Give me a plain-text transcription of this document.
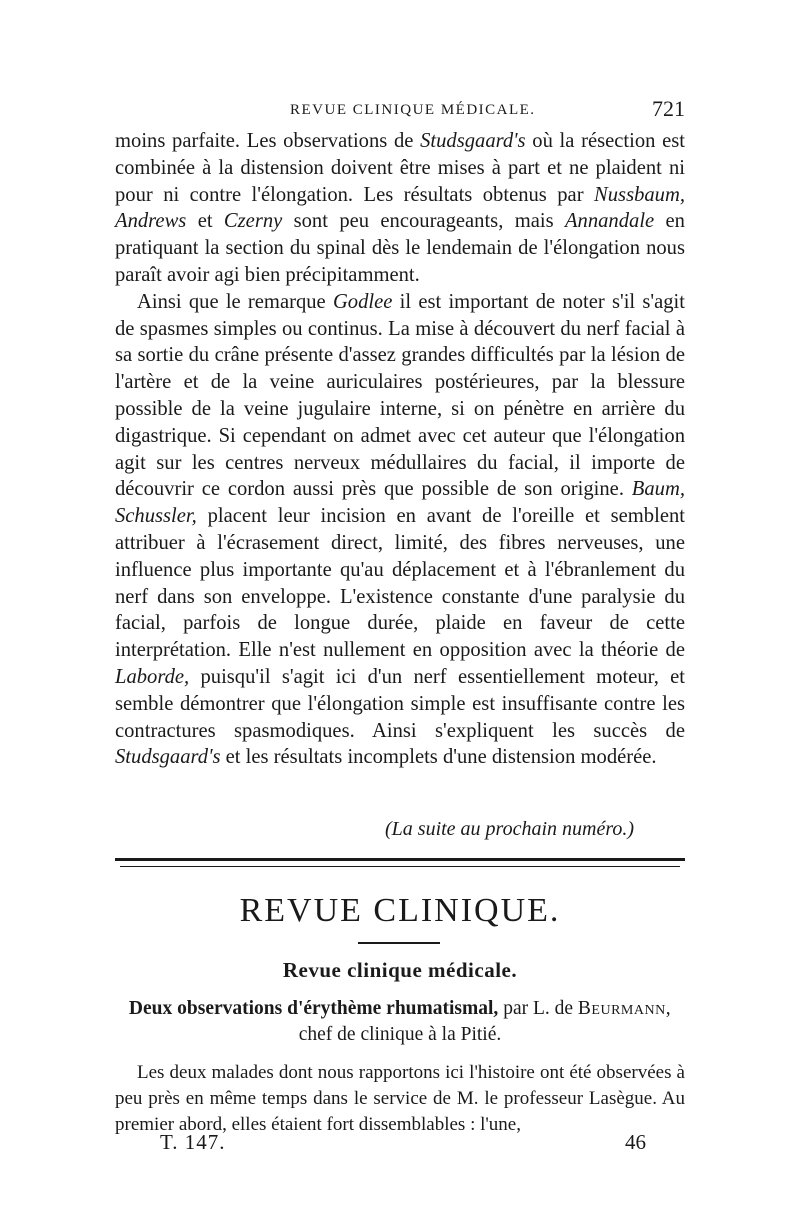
REVUE CLINIQUE MÉDICALE.	721

moins parfaite. Les observations de Studsgaard's où la résection est combinée à la distension doivent être mises à part et ne plaident ni pour ni contre l'élongation. Les résultats obtenus par Nussbaum, Andrews et Czerny sont peu encourageants, mais Annandale en pratiquant la section du spinal dès le lendemain de l'élongation nous paraît avoir agi bien précipitamment.

Ainsi que le remarque Godlee il est important de noter s'il s'agit de spasmes simples ou continus. La mise à découvert du nerf facial à sa sortie du crâne présente d'assez grandes difficultés par la lésion de l'artère et de la veine auriculaires postérieures, par la blessure possible de la veine jugulaire interne, si on pénètre en arrière du digastrique. Si cependant on admet avec cet auteur que l'élongation agit sur les centres nerveux médullaires du facial, il importe de découvrir ce cordon aussi près que possible de son origine. Baum, Schussler, placent leur incision en avant de l'oreille et semblent attribuer à l'écrasement direct, limité, des fibres nerveuses, une influence plus importante qu'au déplacement et à l'ébranlement du nerf dans son enveloppe. L'existence constante d'une paralysie du facial, parfois de longue durée, plaide en faveur de cette interprétation. Elle n'est nullement en opposition avec la théorie de Laborde, puisqu'il s'agit ici d'un nerf essentiellement moteur, et semble démontrer que l'élongation simple est insuffisante contre les contractures spasmodiques. Ainsi s'expliquent les succès de Studsgaard's et les résultats incomplets d'une distension modérée.

(La suite au prochain numéro.)
REVUE CLINIQUE.
Revue clinique médicale.

Deux observations d'érythème rhumatismal, par L. de Beurmann,

chef de clinique à la Pitié.

Les deux malades dont nous rapportons ici l'histoire ont été observées à peu près en même temps dans le service de M. le professeur Lasègue. Au premier abord, elles étaient fort dissemblables : l'une,

T. 147.	46
